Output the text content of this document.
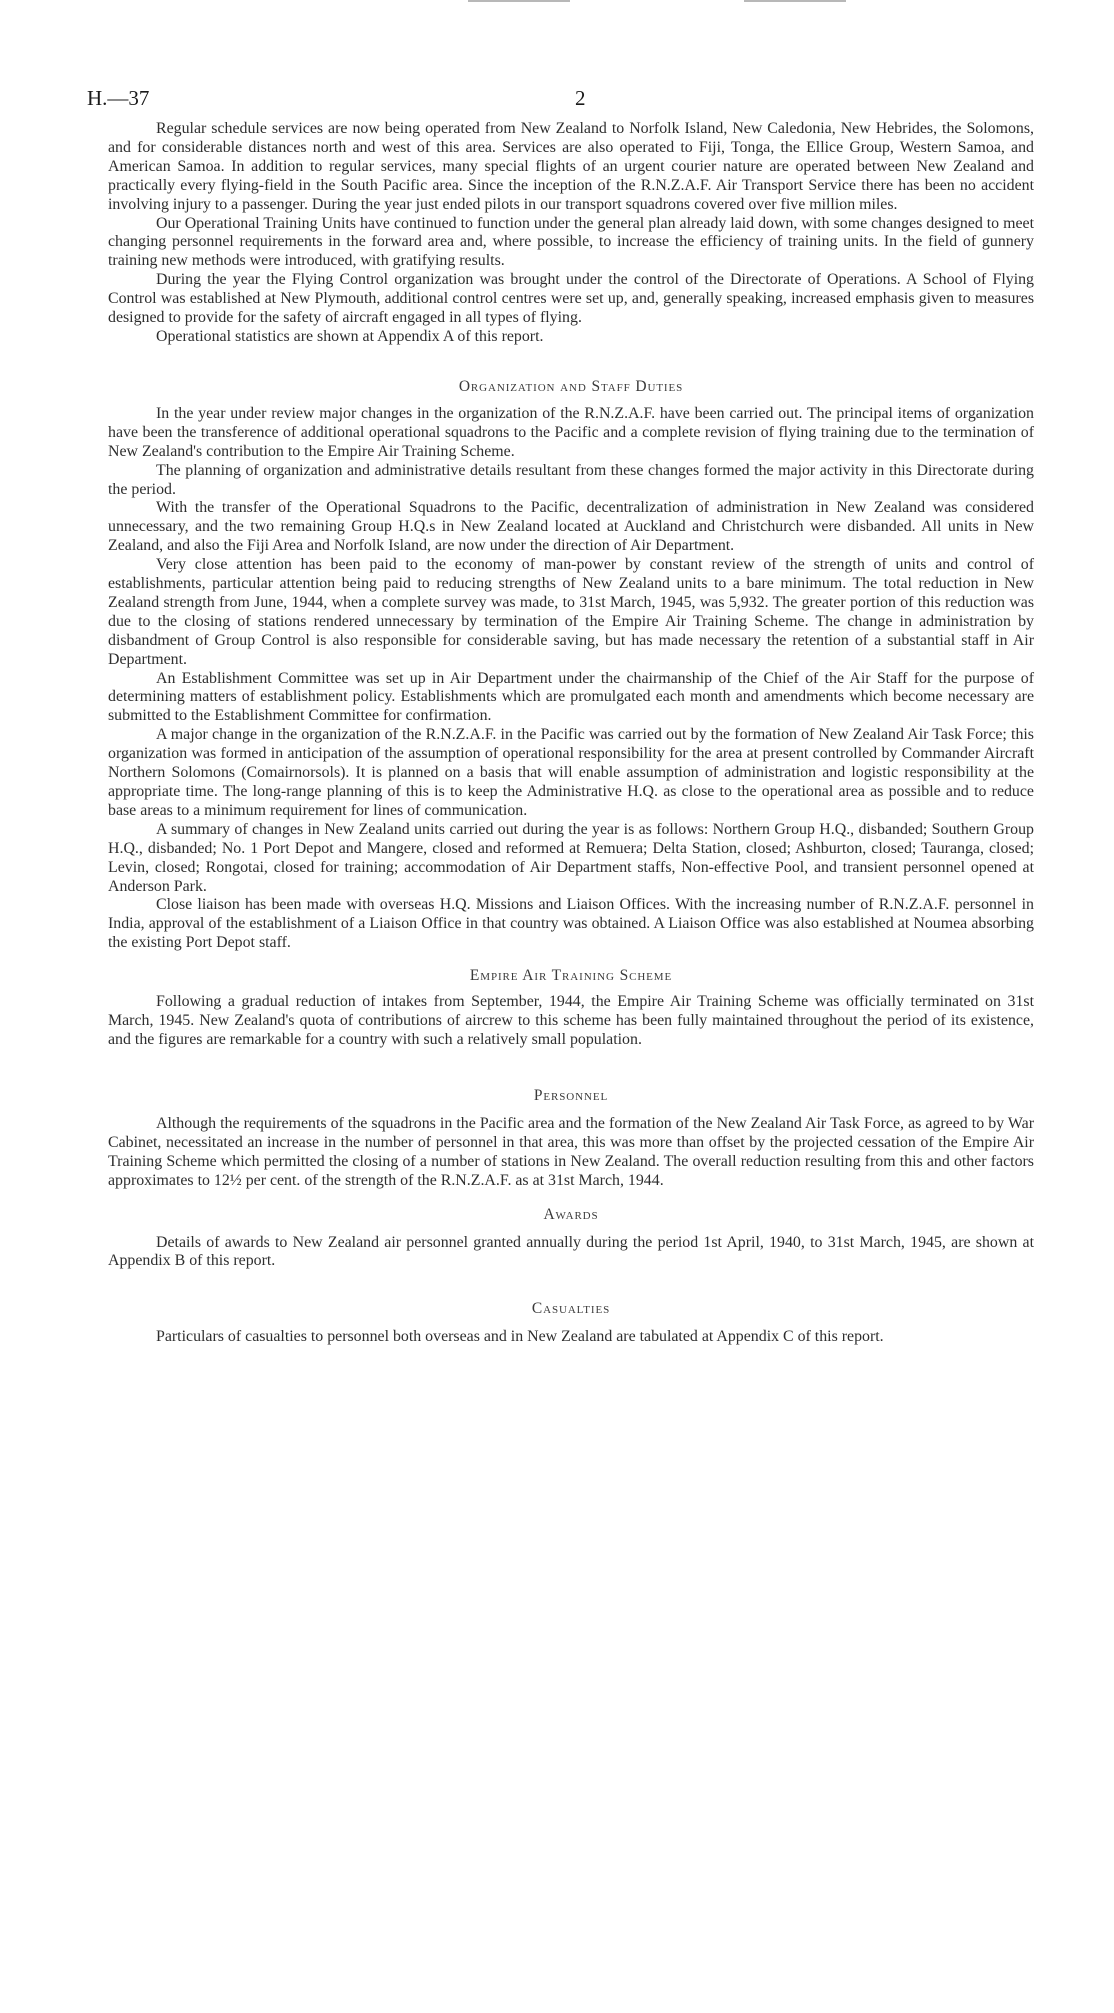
H.—37	2

Regular schedule services are now being operated from New Zealand to Norfolk Island, New Caledonia, New Hebrides, the Solomons, and for considerable distances north and west of this area. Services are also operated to Fiji, Tonga, the Ellice Group, Western Samoa, and American Samoa. In addition to regular services, many special flights of an urgent courier nature are operated between New Zealand and practically every flying-field in the South Pacific area. Since the inception of the R.N.Z.A.F. Air Transport Service there has been no accident involving injury to a passenger. During the year just ended pilots in our transport squadrons covered over five million miles.

Our Operational Training Units have continued to function under the general plan already laid down, with some changes designed to meet changing personnel requirements in the forward area and, where possible, to increase the efficiency of training units. In the field of gunnery training new methods were introduced, with gratifying results.

During the year the Flying Control organization was brought under the control of the Directorate of Operations. A School of Flying Control was established at New Plymouth, additional control centres were set up, and, generally speaking, increased emphasis given to measures designed to provide for the safety of aircraft engaged in all types of flying.

Operational statistics are shown at Appendix A of this report.

Organization and Staff Duties

In the year under review major changes in the organization of the R.N.Z.A.F. have been carried out. The principal items of organization have been the transference of additional operational squadrons to the Pacific and a complete revision of flying training due to the termination of New Zealand's contribution to the Empire Air Training Scheme.

The planning of organization and administrative details resultant from these changes formed the major activity in this Directorate during the period.

With the transfer of the Operational Squadrons to the Pacific, decentralization of administration in New Zealand was considered unnecessary, and the two remaining Group H.Q.s in New Zealand located at Auckland and Christchurch were disbanded. All units in New Zealand, and also the Fiji Area and Norfolk Island, are now under the direction of Air Department.

Very close attention has been paid to the economy of man-power by constant review of the strength of units and control of establishments, particular attention being paid to reducing strengths of New Zealand units to a bare minimum. The total reduction in New Zealand strength from June, 1944, when a complete survey was made, to 31st March, 1945, was 5,932. The greater portion of this reduction was due to the closing of stations rendered unnecessary by termination of the Empire Air Training Scheme. The change in administration by disbandment of Group Control is also responsible for considerable saving, but has made necessary the retention of a substantial staff in Air Department.

An Establishment Committee was set up in Air Department under the chairmanship of the Chief of the Air Staff for the purpose of determining matters of establishment policy. Establishments which are promulgated each month and amendments which become necessary are submitted to the Establishment Committee for confirmation.

A major change in the organization of the R.N.Z.A.F. in the Pacific was carried out by the formation of New Zealand Air Task Force; this organization was formed in anticipation of the assumption of operational responsibility for the area at present controlled by Commander Aircraft Northern Solomons (Comairnorsols). It is planned on a basis that will enable assumption of administration and logistic responsibility at the appropriate time. The long-range planning of this is to keep the Administrative H.Q. as close to the operational area as possible and to reduce base areas to a minimum requirement for lines of communication.

A summary of changes in New Zealand units carried out during the year is as follows: Northern Group H.Q., disbanded; Southern Group H.Q., disbanded; No. 1 Port Depot and Mangere, closed and reformed at Remuera; Delta Station, closed; Ashburton, closed; Tauranga, closed; Levin, closed; Rongotai, closed for training; accommodation of Air Department staffs, Non-effective Pool, and transient personnel opened at Anderson Park.

Close liaison has been made with overseas H.Q. Missions and Liaison Offices. With the increasing number of R.N.Z.A.F. personnel in India, approval of the establishment of a Liaison Office in that country was obtained. A Liaison Office was also established at Noumea absorbing the existing Port Depot staff.

Empire Air Training Scheme

Following a gradual reduction of intakes from September, 1944, the Empire Air Training Scheme was officially terminated on 31st March, 1945. New Zealand's quota of contributions of aircrew to this scheme has been fully maintained throughout the period of its existence, and the figures are remarkable for a country with such a relatively small population.

Personnel

Although the requirements of the squadrons in the Pacific area and the formation of the New Zealand Air Task Force, as agreed to by War Cabinet, necessitated an increase in the number of personnel in that area, this was more than offset by the projected cessation of the Empire Air Training Scheme which permitted the closing of a number of stations in New Zealand. The overall reduction resulting from this and other factors approximates to 12½ per cent. of the strength of the R.N.Z.A.F. as at 31st March, 1944.

Awards

Details of awards to New Zealand air personnel granted annually during the period 1st April, 1940, to 31st March, 1945, are shown at Appendix B of this report.

Casualties

Particulars of casualties to personnel both overseas and in New Zealand are tabulated at Appendix C of this report.
